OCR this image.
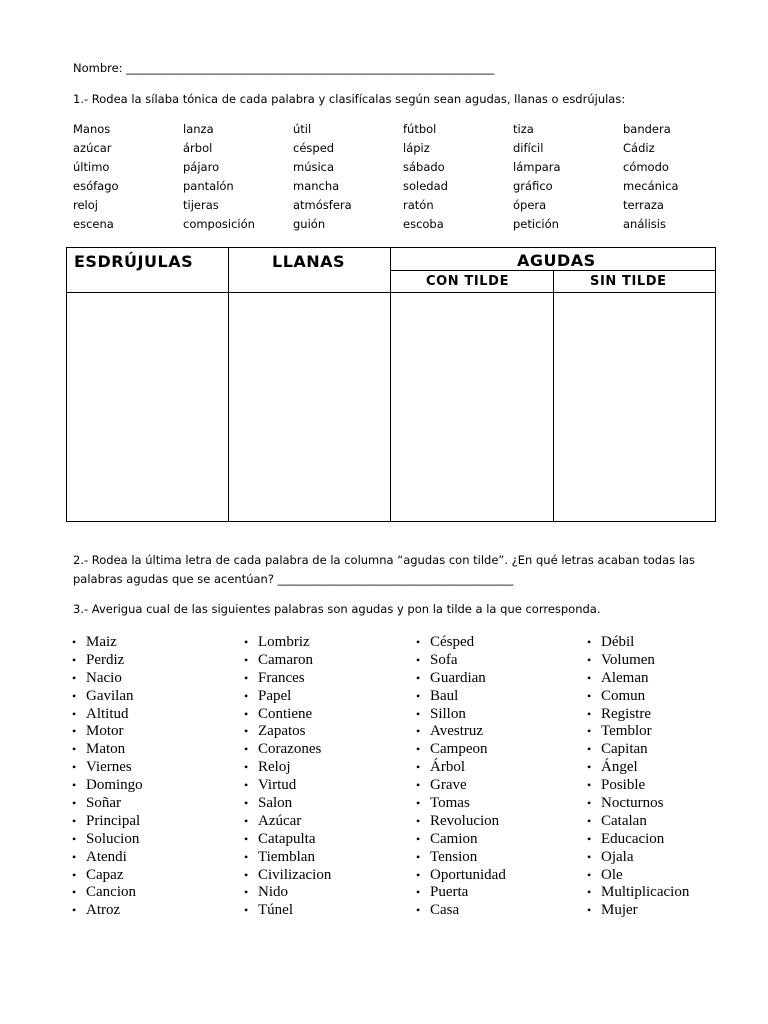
Nombre: ________________________________________________________________
1.- Rodea la sílaba tónica de cada palabra y clasifícalas según sean agudas, llanas o esdrújulas:
Manos	lanza	útil	fútbol	tiza	bandera
azúcar	árbol	césped	lápiz	difícil	Cádiz
último	pájaro	música	sábado	lámpara	cómodo
esófago	pantalón	mancha	soledad	gráfico	mecánica
reloj	tijeras	atmósfera	ratón	ópera	terraza
escena	composición	guión	escoba	petición	análisis
ESDRÚJULAS	LLANAS	AGUDAS
CON TILDE	SIN TILDE
2.- Rodea la última letra de cada palabra de la columna “agudas con tilde”. ¿En qué letras acaban todas las
palabras agudas que se acentúan? _________________________________________
3.- Averigua cual de las siguientes palabras son agudas y pon la tilde a la que corresponda.
• Maiz
• Perdiz
• Nacio
• Gavilan
• Altitud
• Motor
• Maton
• Viernes
• Domingo
• Soñar
• Principal
• Solucion
• Atendi
• Capaz
• Cancion
• Atroz
• Lombriz
• Camaron
• Frances
• Papel
• Contiene
• Zapatos
• Corazones
• Reloj
• Virtud
• Salon
• Azúcar
• Catapulta
• Tiemblan
• Civilizacion
• Nido
• Túnel
• Césped
• Sofa
• Guardian
• Baul
• Sillon
• Avestruz
• Campeon
• Árbol
• Grave
• Tomas
• Revolucion
• Camion
• Tension
• Oportunidad
• Puerta
• Casa
• Débil
• Volumen
• Aleman
• Comun
• Registre
• Temblor
• Capitan
• Ángel
• Posible
• Nocturnos
• Catalan
• Educacion
• Ojala
• Ole
• Multiplicacion
• Mujer
